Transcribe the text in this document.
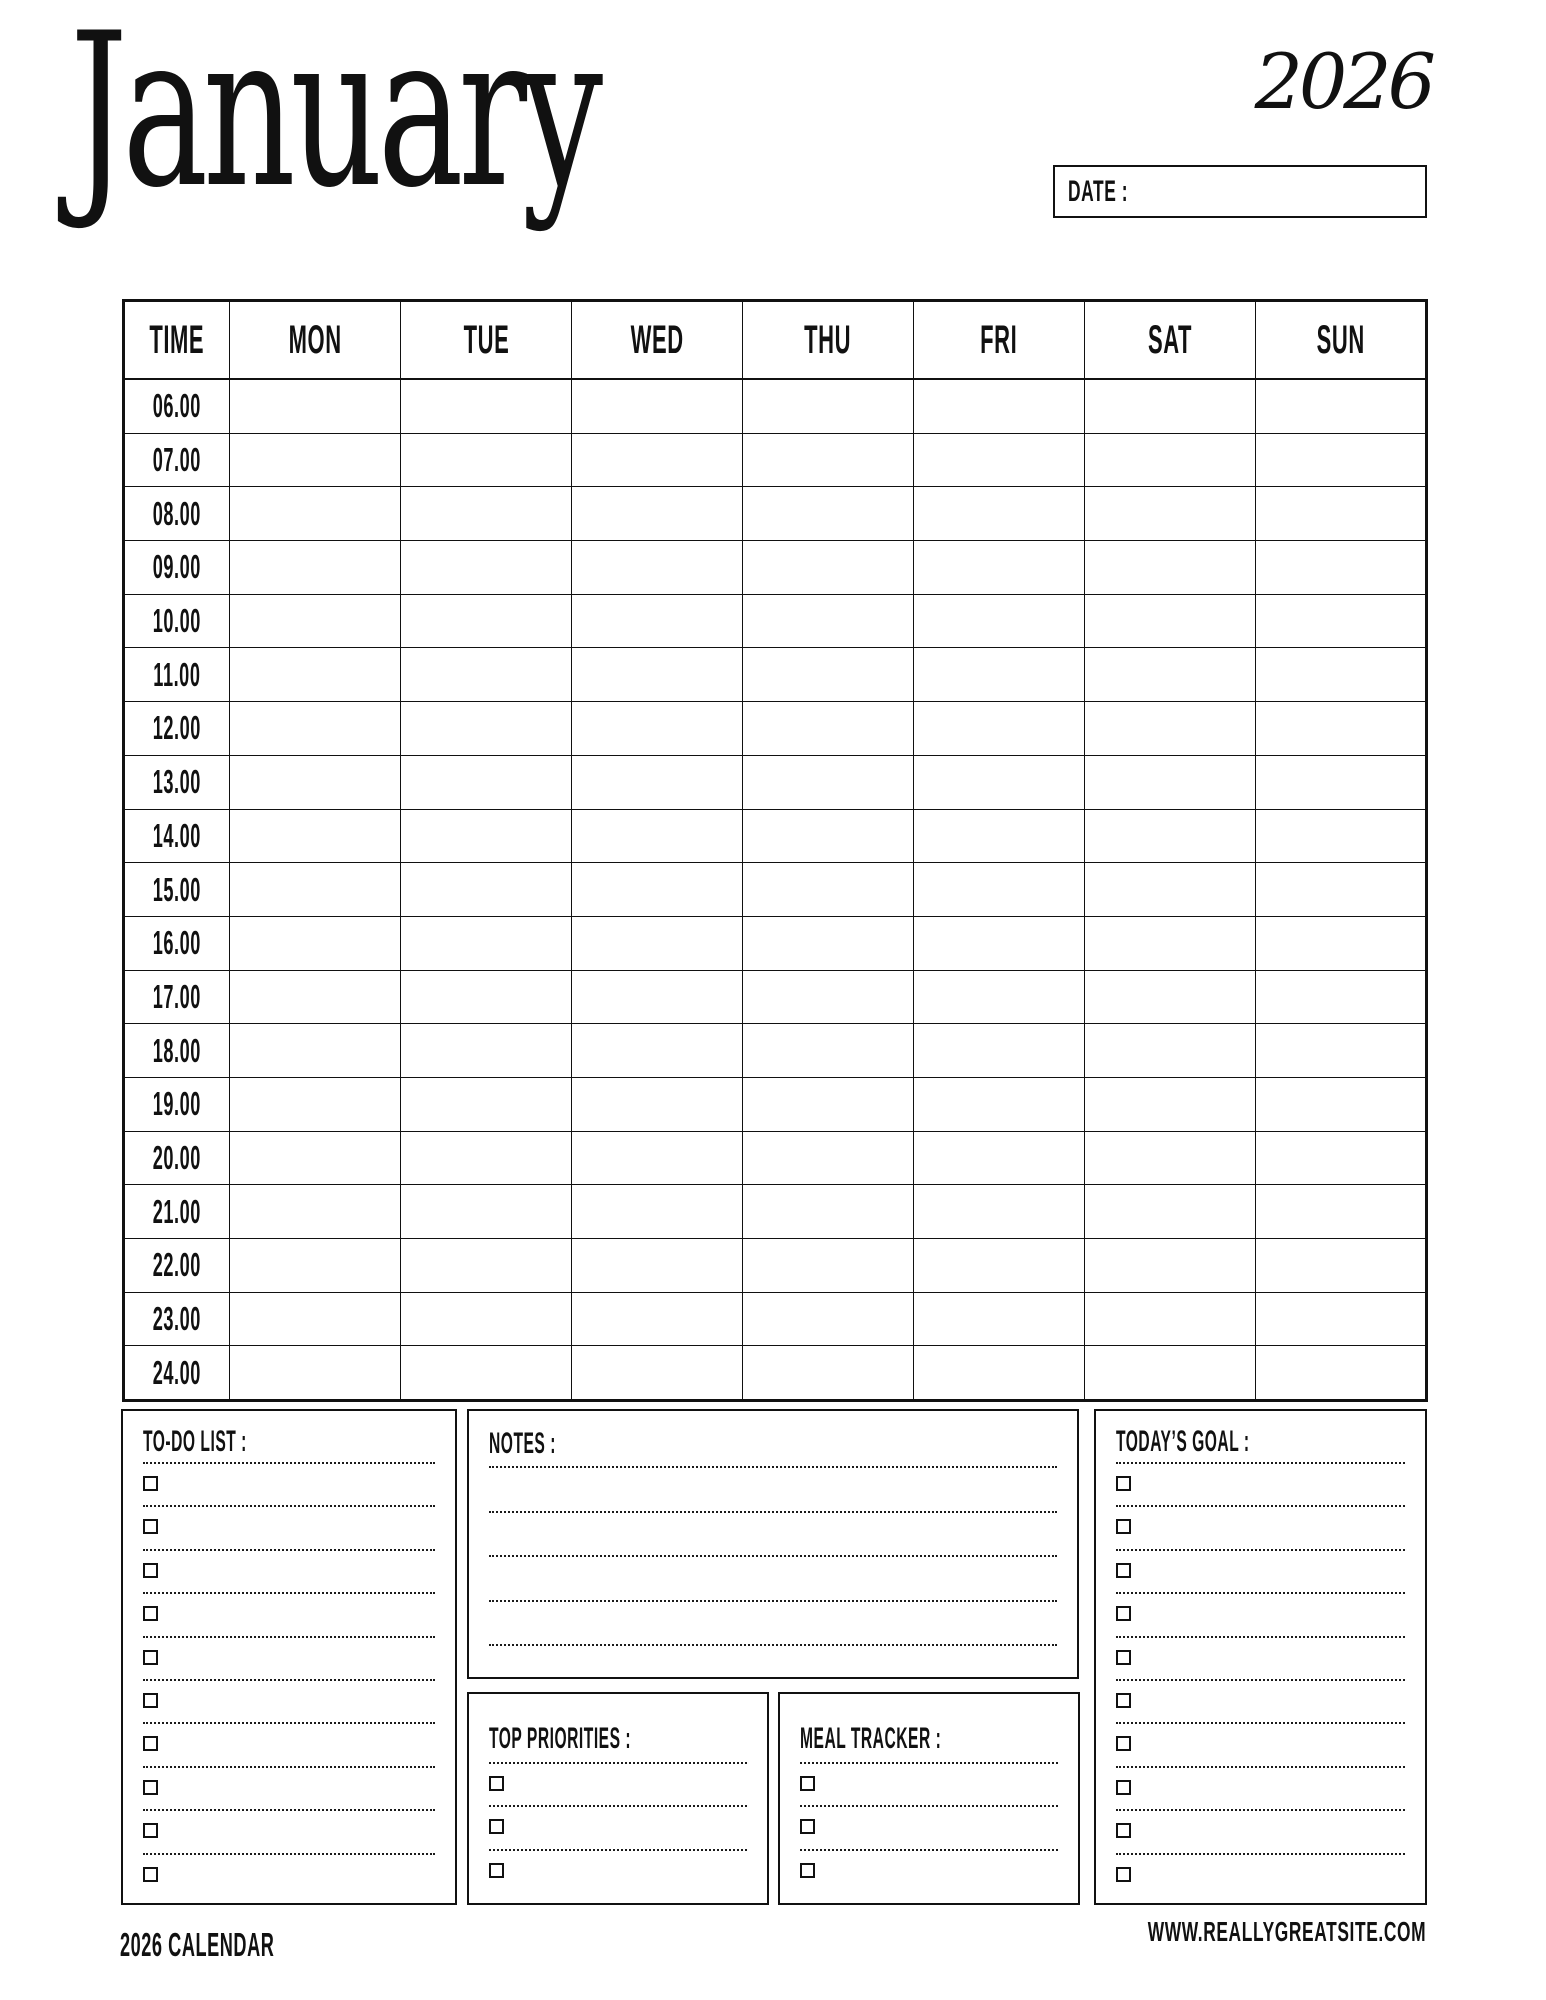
January	2026
DATE :
TIME	MON	TUE	WED	THU	FRI	SAT	SUN
06.00							
07.00							
08.00							
09.00							
10.00							
11.00							
12.00							
13.00							
14.00							
15.00							
16.00							
17.00							
18.00							
19.00							
20.00							
21.00							
22.00							
23.00							
24.00							
TO-DO LIST :	NOTES :
TOP PRIORITIES :	MEAL TRACKER :
TODAY’S GOAL :
2026 CALENDAR	WWW.REALLYGREATSITE.COM
